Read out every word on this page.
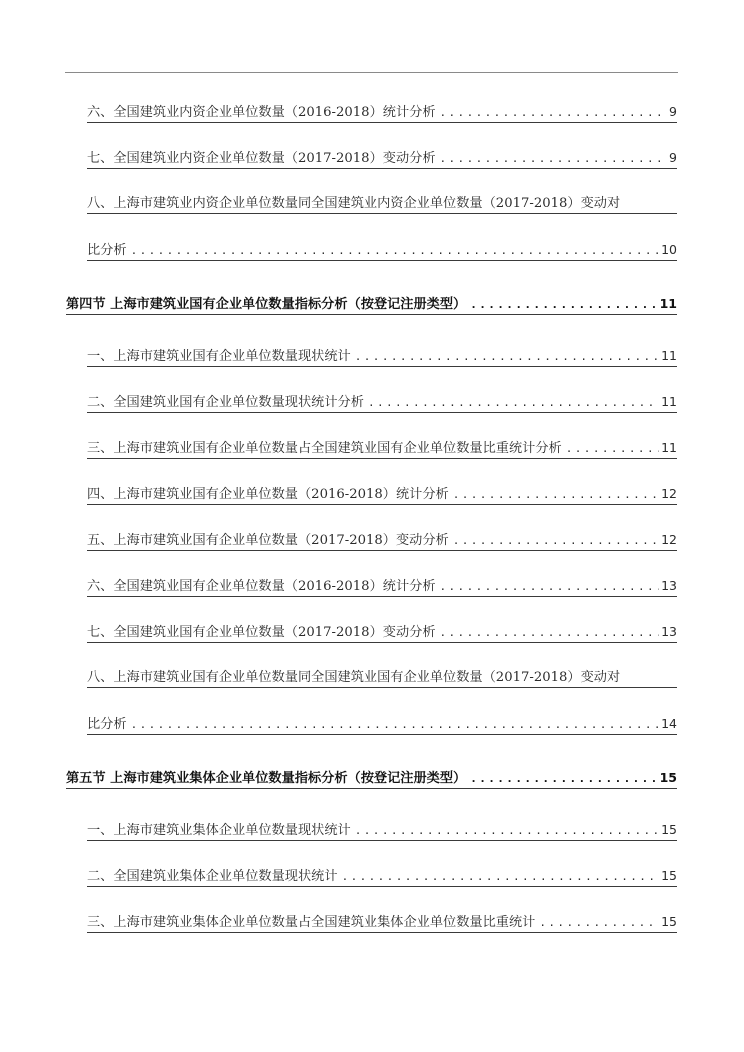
六、全国建筑业内资企业单位数量（2016-2018）统计分析 .....	9
七、全国建筑业内资企业单位数量（2017-2018）变动分析 .....	9
八、上海市建筑业内资企业单位数量同全国建筑业内资企业单位数量（2017-2018）变动对
比分析 .....	10
第四节 上海市建筑业国有企业单位数量指标分析（按登记注册类型） .....	11
一、上海市建筑业国有企业单位数量现状统计 .....	11
二、全国建筑业国有企业单位数量现状统计分析 .....	11
三、上海市建筑业国有企业单位数量占全国建筑业国有企业单位数量比重统计分析 .....	11
四、上海市建筑业国有企业单位数量（2016-2018）统计分析 .....	12
五、上海市建筑业国有企业单位数量（2017-2018）变动分析 .....	12
六、全国建筑业国有企业单位数量（2016-2018）统计分析 .....	13
七、全国建筑业国有企业单位数量（2017-2018）变动分析 .....	13
八、上海市建筑业国有企业单位数量同全国建筑业国有企业单位数量（2017-2018）变动对
比分析 .....	14
第五节 上海市建筑业集体企业单位数量指标分析（按登记注册类型） .....	15
一、上海市建筑业集体企业单位数量现状统计 .....	15
二、全国建筑业集体企业单位数量现状统计 .....	15
三、上海市建筑业集体企业单位数量占全国建筑业集体企业单位数量比重统计 .....	15
